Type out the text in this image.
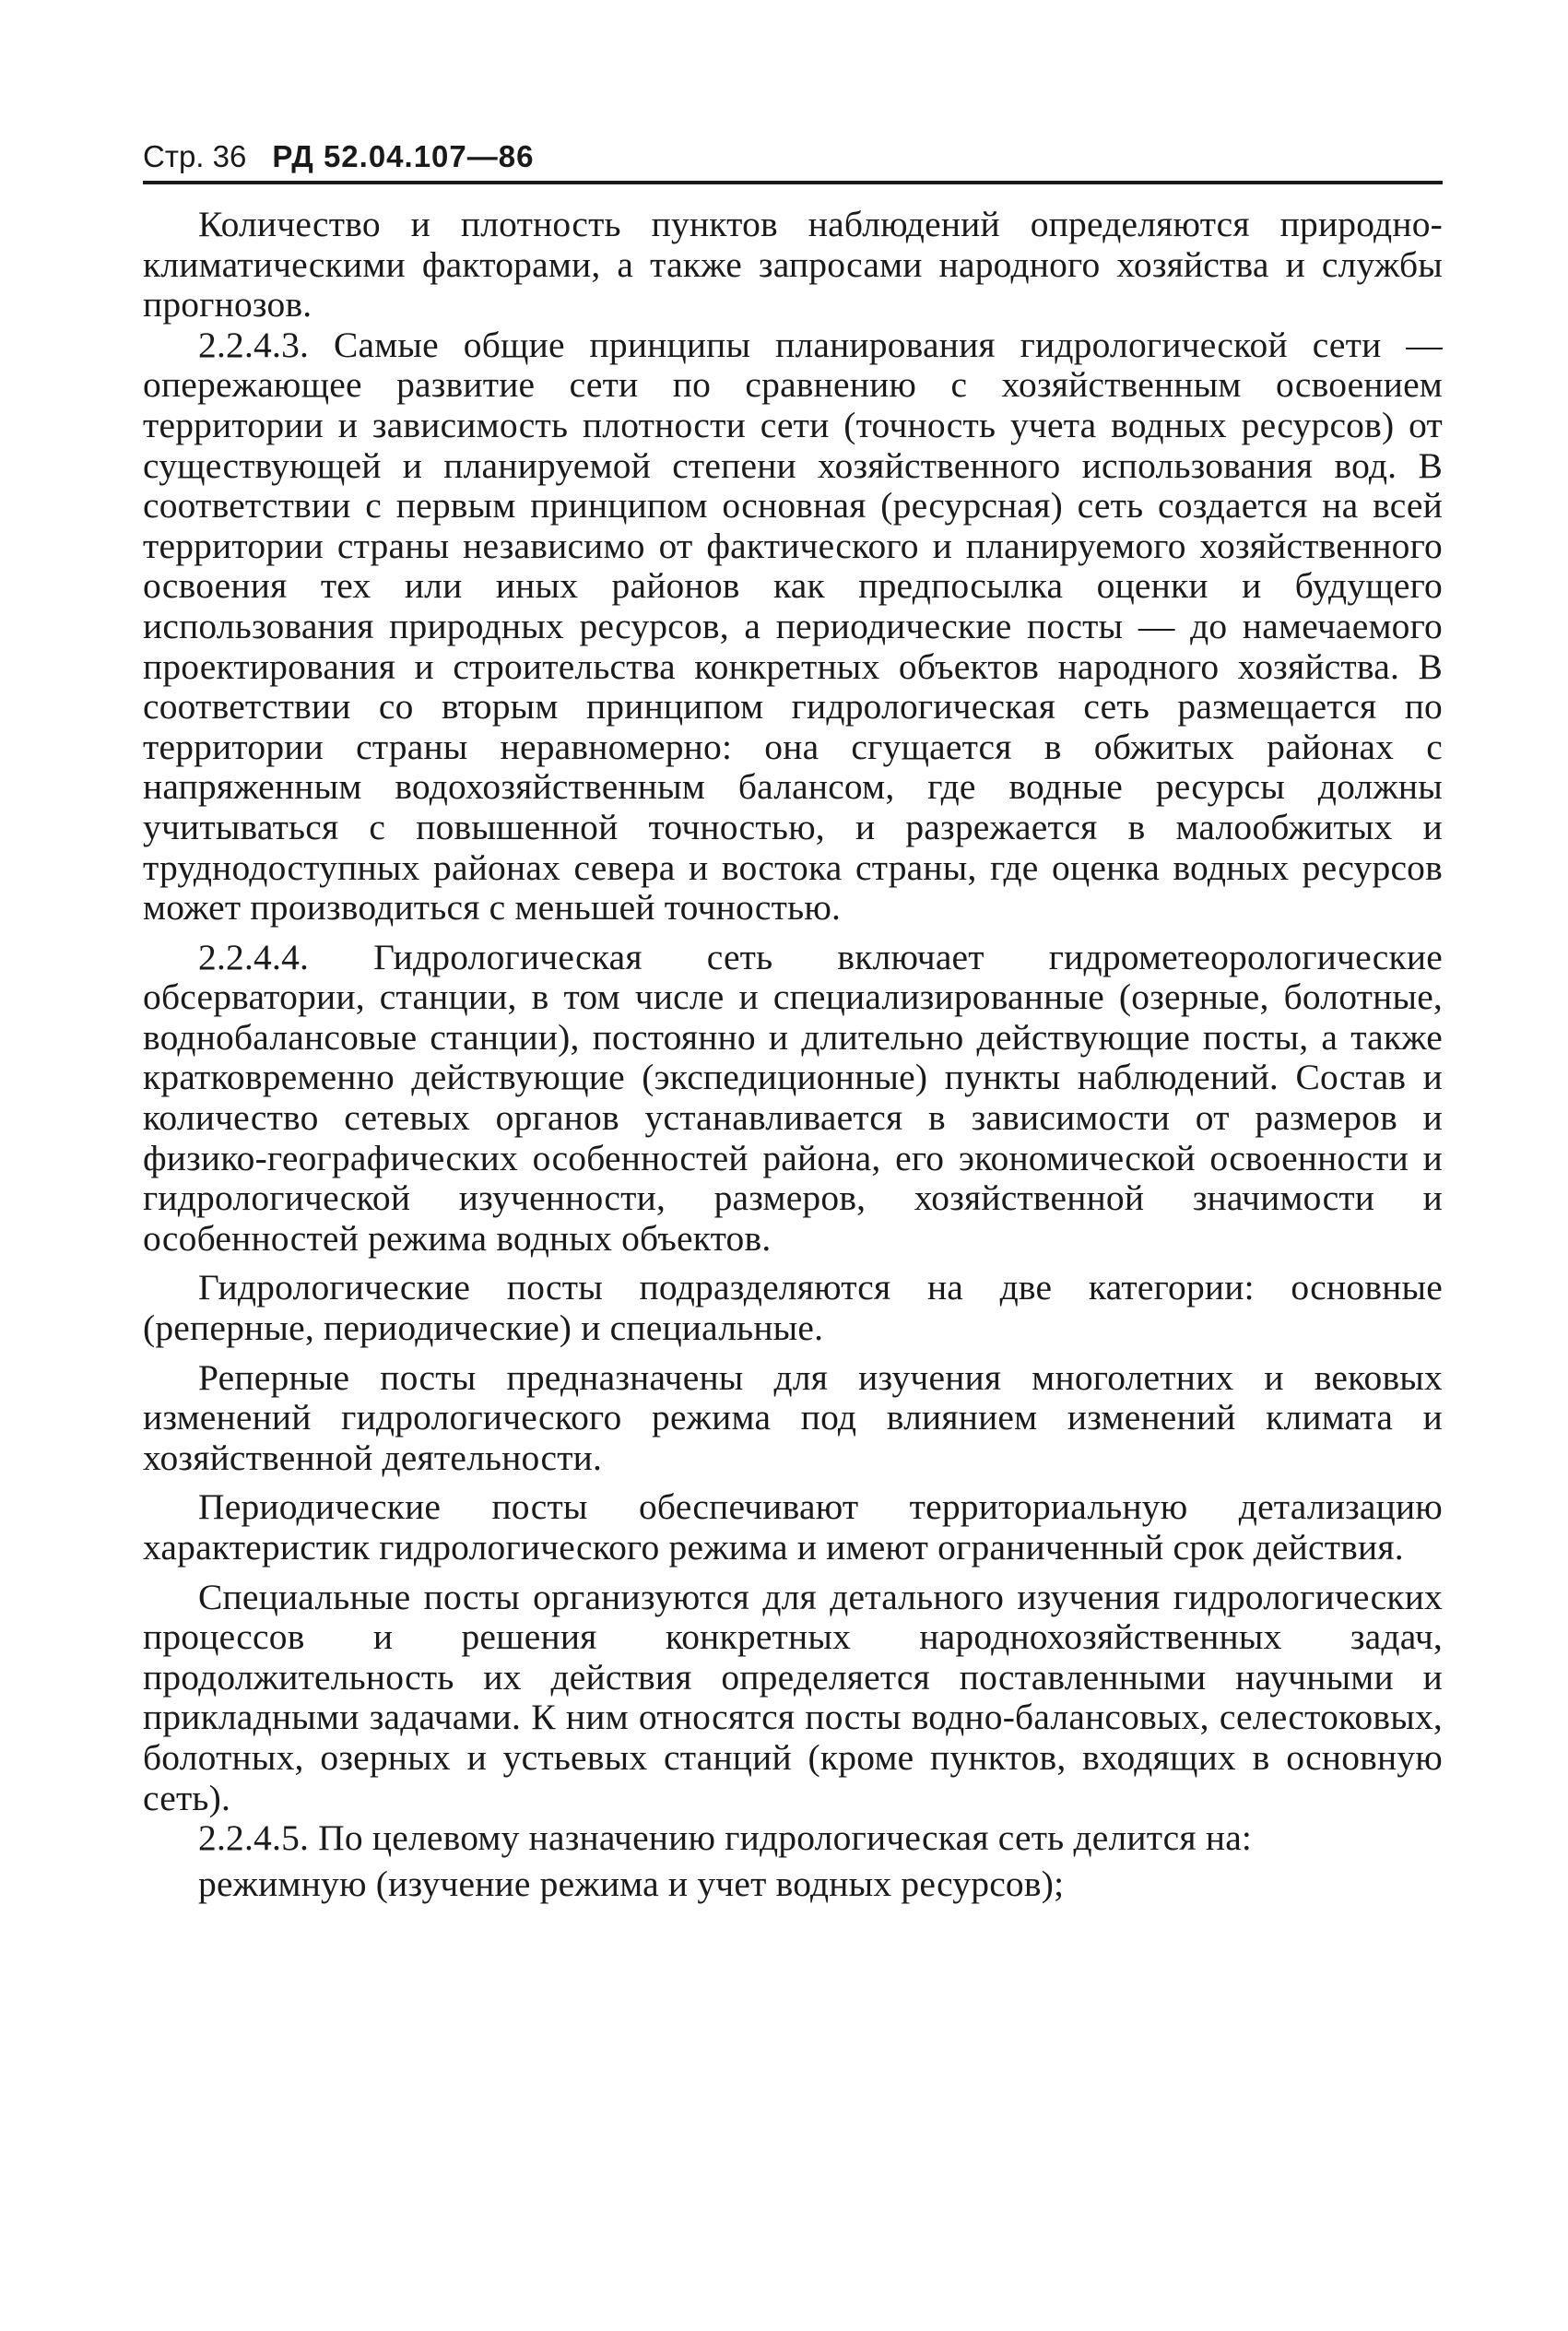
Стр. 36 РД 52.04.107—86

Количество и плотность пунктов наблюдений определяются природно-климатическими факторами, а также запросами народного хозяйства и службы прогнозов.

2.2.4.3. Самые общие принципы планирования гидрологической сети — опережающее развитие сети по сравнению с хозяйственным освоением территории и зависимость плотности сети (точность учета водных ресурсов) от существующей и планируемой степени хозяйственного использования вод. В соответствии с первым принципом основная (ресурсная) сеть создается на всей территории страны независимо от фактического и планируемого хозяйственного освоения тех или иных районов как предпосылка оценки и будущего использования природных ресурсов, а периодические посты — до намечаемого проектирования и строительства конкретных объектов народного хозяйства. В соответствии со вторым принципом гидрологическая сеть размещается по территории страны неравномерно: она сгущается в обжитых районах с напряженным водохозяйственным балансом, где водные ресурсы должны учитываться с повышенной точностью, и разрежается в малообжитых и труднодоступных районах севера и востока страны, где оценка водных ресурсов может производиться с меньшей точностью.

2.2.4.4. Гидрологическая сеть включает гидрометеорологические обсерватории, станции, в том числе и специализированные (озерные, болотные, воднобалансовые станции), постоянно и длительно действующие посты, а также кратковременно действующие (экспедиционные) пункты наблюдений. Состав и количество сетевых органов устанавливается в зависимости от размеров и физико-географических особенностей района, его экономической освоенности и гидрологической изученности, размеров, хозяйственной значимости и особенностей режима водных объектов.

Гидрологические посты подразделяются на две категории: основные (реперные, периодические) и специальные.

Реперные посты предназначены для изучения многолетних и вековых изменений гидрологического режима под влиянием изменений климата и хозяйственной деятельности.

Периодические посты обеспечивают территориальную детализацию характеристик гидрологического режима и имеют ограниченный срок действия.

Специальные посты организуются для детального изучения гидрологических процессов и решения конкретных народнохозяйственных задач, продолжительность их действия определяется поставленными научными и прикладными задачами. К ним относятся посты водно-балансовых, селестоковых, болотных, озерных и устьевых станций (кроме пунктов, входящих в основную сеть).

2.2.4.5. По целевому назначению гидрологическая сеть делится на:

режимную (изучение режима и учет водных ресурсов);
